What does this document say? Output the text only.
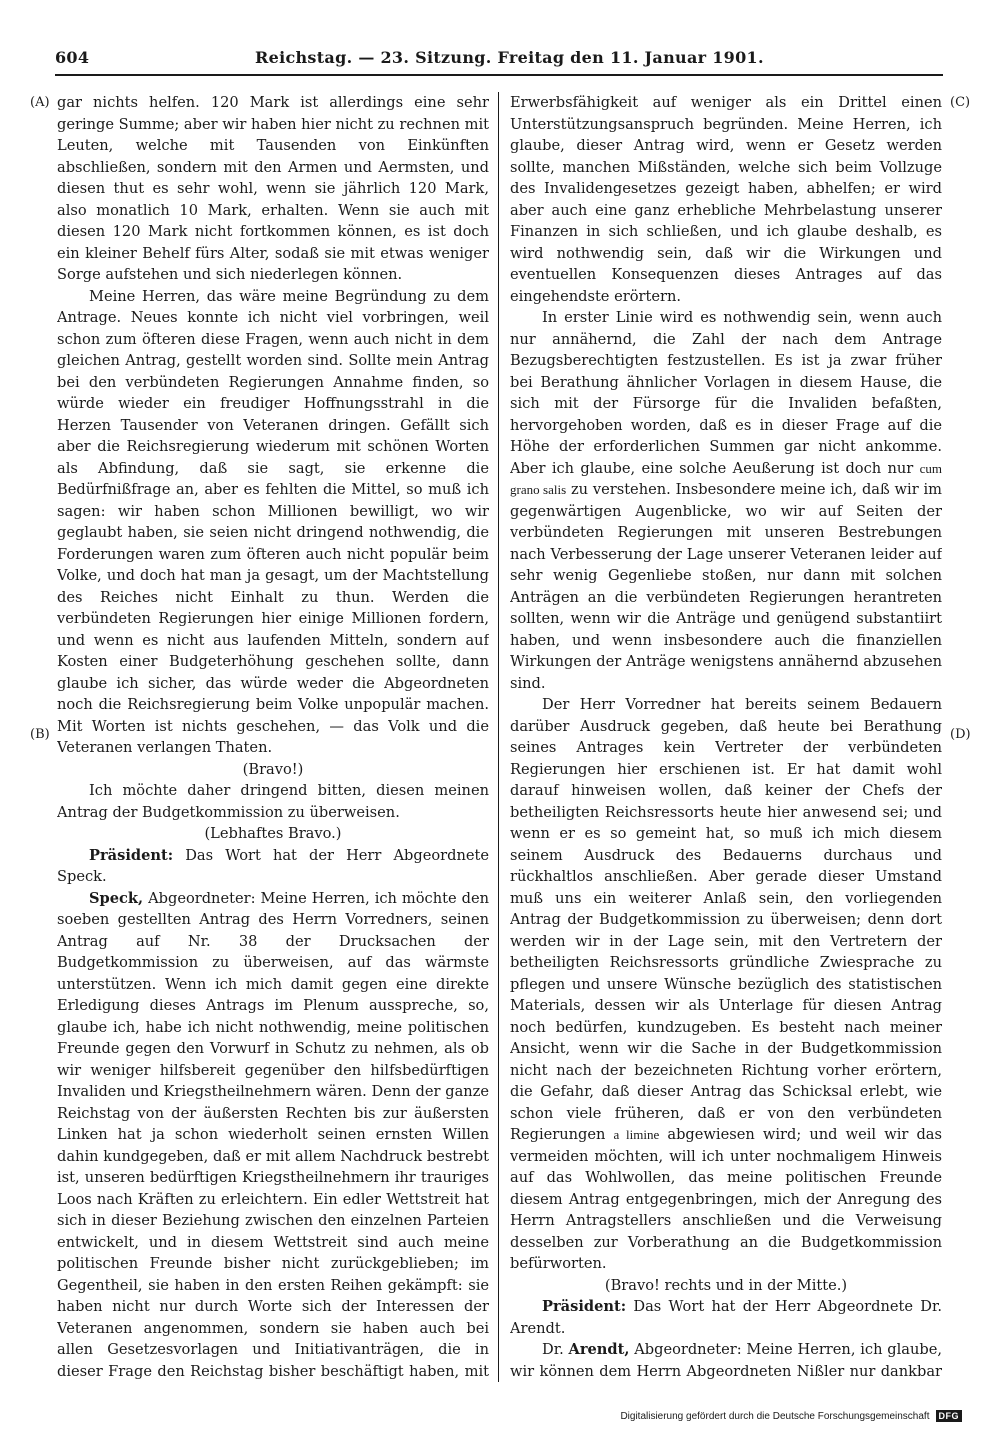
604	Reichstag. — 23. Sitzung. Freitag den 11. Januar 1901.
(A)
(B)
(C)
(D)

gar nichts helfen. 120 Mark ist allerdings eine sehr geringe Summe; aber wir haben hier nicht zu rechnen mit Leuten, welche mit Tausenden von Einkünften abschließen, sondern mit den Armen und Aermsten, und diesen thut es sehr wohl, wenn sie jährlich 120 Mark, also monatlich 10 Mark, erhalten. Wenn sie auch mit diesen 120 Mark nicht fortkommen können, es ist doch ein kleiner Behelf fürs Alter, sodaß sie mit etwas weniger Sorge aufstehen und sich niederlegen können.

Meine Herren, das wäre meine Begründung zu dem Antrage. Neues konnte ich nicht viel vorbringen, weil schon zum öfteren diese Fragen, wenn auch nicht in dem gleichen Antrag, gestellt worden sind. Sollte mein Antrag bei den verbündeten Regierungen Annahme finden, so würde wieder ein freudiger Hoffnungsstrahl in die Herzen Tausender von Veteranen dringen. Gefällt sich aber die Reichsregierung wiederum mit schönen Worten als Abfindung, daß sie sagt, sie erkenne die Bedürfnißfrage an, aber es fehlten die Mittel, so muß ich sagen: wir haben schon Millionen bewilligt, wo wir geglaubt haben, sie seien nicht dringend nothwendig, die Forderungen waren zum öfteren auch nicht populär beim Volke, und doch hat man ja gesagt, um der Machtstellung des Reiches nicht Einhalt zu thun. Werden die verbündeten Regierungen hier einige Millionen fordern, und wenn es nicht aus laufenden Mitteln, sondern auf Kosten einer Budgeterhöhung geschehen sollte, dann glaube ich sicher, das würde weder die Abgeordneten noch die Reichsregierung beim Volke unpopulär machen. Mit Worten ist nichts geschehen, — das Volk und die Veteranen verlangen Thaten.

(Bravo!)

Ich möchte daher dringend bitten, diesen meinen Antrag der Budgetkommission zu überweisen.

(Lebhaftes Bravo.)

Präsident: Das Wort hat der Herr Abgeordnete Speck.

Speck, Abgeordneter: Meine Herren, ich möchte den soeben gestellten Antrag des Herrn Vorredners, seinen Antrag auf Nr. 38 der Drucksachen der Budgetkommission zu überweisen, auf das wärmste unterstützen. Wenn ich mich damit gegen eine direkte Erledigung dieses Antrags im Plenum ausspreche, so, glaube ich, habe ich nicht nothwendig, meine politischen Freunde gegen den Vorwurf in Schutz zu nehmen, als ob wir weniger hilfsbereit gegenüber den hilfsbedürftigen Invaliden und Kriegstheilnehmern wären. Denn der ganze Reichstag von der äußersten Rechten bis zur äußersten Linken hat ja schon wiederholt seinen ernsten Willen dahin kundgegeben, daß er mit allem Nachdruck bestrebt ist, unseren bedürftigen Kriegstheilnehmern ihr trauriges Loos nach Kräften zu erleichtern. Ein edler Wettstreit hat sich in dieser Beziehung zwischen den einzelnen Parteien entwickelt, und in diesem Wettstreit sind auch meine politischen Freunde bisher nicht zurückgeblieben; im Gegentheil, sie haben in den ersten Reihen gekämpft: sie haben nicht nur durch Worte sich der Interessen der Veteranen angenommen, sondern sie haben auch bei allen Gesetzesvorlagen und Initiativanträgen, die in dieser Frage den Reichstag bisher beschäftigt haben, mit

Erwerbsfähigkeit auf weniger als ein Drittel einen Unterstützungsanspruch begründen. Meine Herren, ich glaube, dieser Antrag wird, wenn er Gesetz werden sollte, manchen Mißständen, welche sich beim Vollzuge des Invalidengesetzes gezeigt haben, abhelfen; er wird aber auch eine ganz erhebliche Mehrbelastung unserer Finanzen in sich schließen, und ich glaube deshalb, es wird nothwendig sein, daß wir die Wirkungen und eventuellen Konsequenzen dieses Antrages auf das eingehendste erörtern.

In erster Linie wird es nothwendig sein, wenn auch nur annähernd, die Zahl der nach dem Antrage Bezugsberechtigten festzustellen. Es ist ja zwar früher bei Berathung ähnlicher Vorlagen in diesem Hause, die sich mit der Fürsorge für die Invaliden befaßten, hervorgehoben worden, daß es in dieser Frage auf die Höhe der erforderlichen Summen gar nicht ankomme. Aber ich glaube, eine solche Aeußerung ist doch nur cum grano salis zu verstehen. Insbesondere meine ich, daß wir im gegenwärtigen Augenblicke, wo wir auf Seiten der verbündeten Regierungen mit unseren Bestrebungen nach Verbesserung der Lage unserer Veteranen leider auf sehr wenig Gegenliebe stoßen, nur dann mit solchen Anträgen an die verbündeten Regierungen herantreten sollten, wenn wir die Anträge und genügend substantiirt haben, und wenn insbesondere auch die finanziellen Wirkungen der Anträge wenigstens annähernd abzusehen sind.

Der Herr Vorredner hat bereits seinem Bedauern darüber Ausdruck gegeben, daß heute bei Berathung seines Antrages kein Vertreter der verbündeten Regierungen hier erschienen ist. Er hat damit wohl darauf hinweisen wollen, daß keiner der Chefs der betheiligten Reichsressorts heute hier anwesend sei; und wenn er es so gemeint hat, so muß ich mich diesem seinem Ausdruck des Bedauerns durchaus und rückhaltlos anschließen. Aber gerade dieser Umstand muß uns ein weiterer Anlaß sein, den vorliegenden Antrag der Budgetkommission zu überweisen; denn dort werden wir in der Lage sein, mit den Vertretern der betheiligten Reichsressorts gründliche Zwiesprache zu pflegen und unsere Wünsche bezüglich des statistischen Materials, dessen wir als Unterlage für diesen Antrag noch bedürfen, kundzugeben. Es besteht nach meiner Ansicht, wenn wir die Sache in der Budgetkommission nicht nach der bezeichneten Richtung vorher erörtern, die Gefahr, daß dieser Antrag das Schicksal erlebt, wie schon viele früheren, daß er von den verbündeten Regierungen a limine abgewiesen wird; und weil wir das vermeiden möchten, will ich unter nochmaligem Hinweis auf das Wohlwollen, das meine politischen Freunde diesem Antrag entgegenbringen, mich der Anregung des Herrn Antragstellers anschließen und die Verweisung desselben zur Vorberathung an die Budgetkommission befürworten.

(Bravo! rechts und in der Mitte.)

Präsident: Das Wort hat der Herr Abgeordnete Dr. Arendt.

Dr. Arendt, Abgeordneter: Meine Herren, ich glaube, wir können dem Herrn Abgeordneten Nißler nur dankbar

Digitalisierung gefördert durch die Deutsche Forschungsgemeinschaft	DFG
